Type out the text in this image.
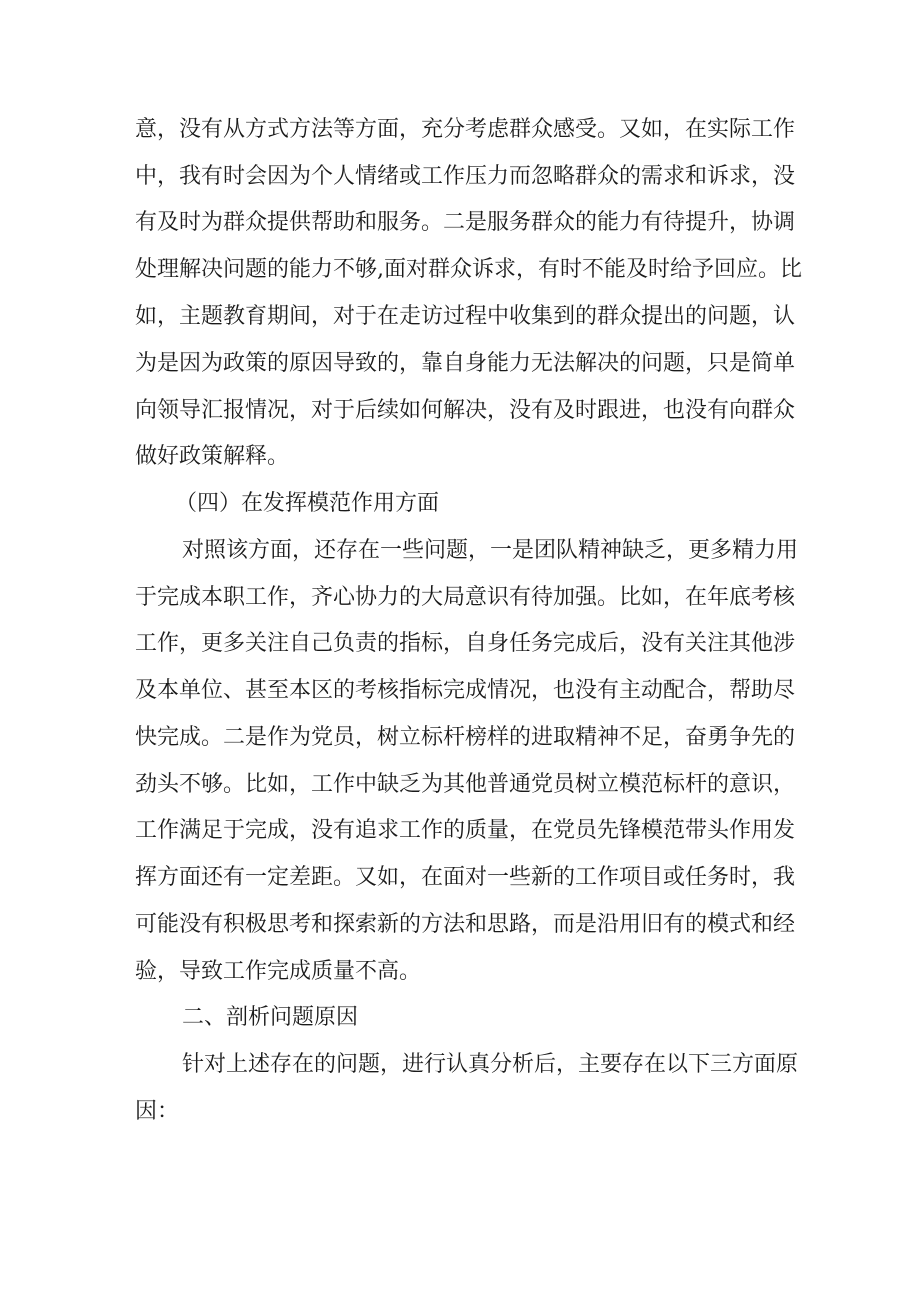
意，没有从方式方法等方面，充分考虑群众感受。又如，在实际工作
中，我有时会因为个人情绪或工作压力而忽略群众的需求和诉求，没
有及时为群众提供帮助和服务。二是服务群众的能力有待提升，协调
处理解决问题的能力不够,面对群众诉求，有时不能及时给予回应。比
如，主题教育期间，对于在走访过程中收集到的群众提出的问题，认
为是因为政策的原因导致的，靠自身能力无法解决的问题，只是简单
向领导汇报情况，对于后续如何解决，没有及时跟进，也没有向群众
做好政策解释。
（四）在发挥模范作用方面
对照该方面，还存在一些问题，一是团队精神缺乏，更多精力用
于完成本职工作，齐心协力的大局意识有待加强。比如，在年底考核
工作，更多关注自己负责的指标，自身任务完成后，没有关注其他涉
及本单位、甚至本区的考核指标完成情况，也没有主动配合，帮助尽
快完成。二是作为党员，树立标杆榜样的进取精神不足，奋勇争先的
劲头不够。比如，工作中缺乏为其他普通党员树立模范标杆的意识，
工作满足于完成，没有追求工作的质量，在党员先锋模范带头作用发
挥方面还有一定差距。又如，在面对一些新的工作项目或任务时，我
可能没有积极思考和探索新的方法和思路，而是沿用旧有的模式和经
验，导致工作完成质量不高。
二、剖析问题原因
针对上述存在的问题，进行认真分析后，主要存在以下三方面原
因：
